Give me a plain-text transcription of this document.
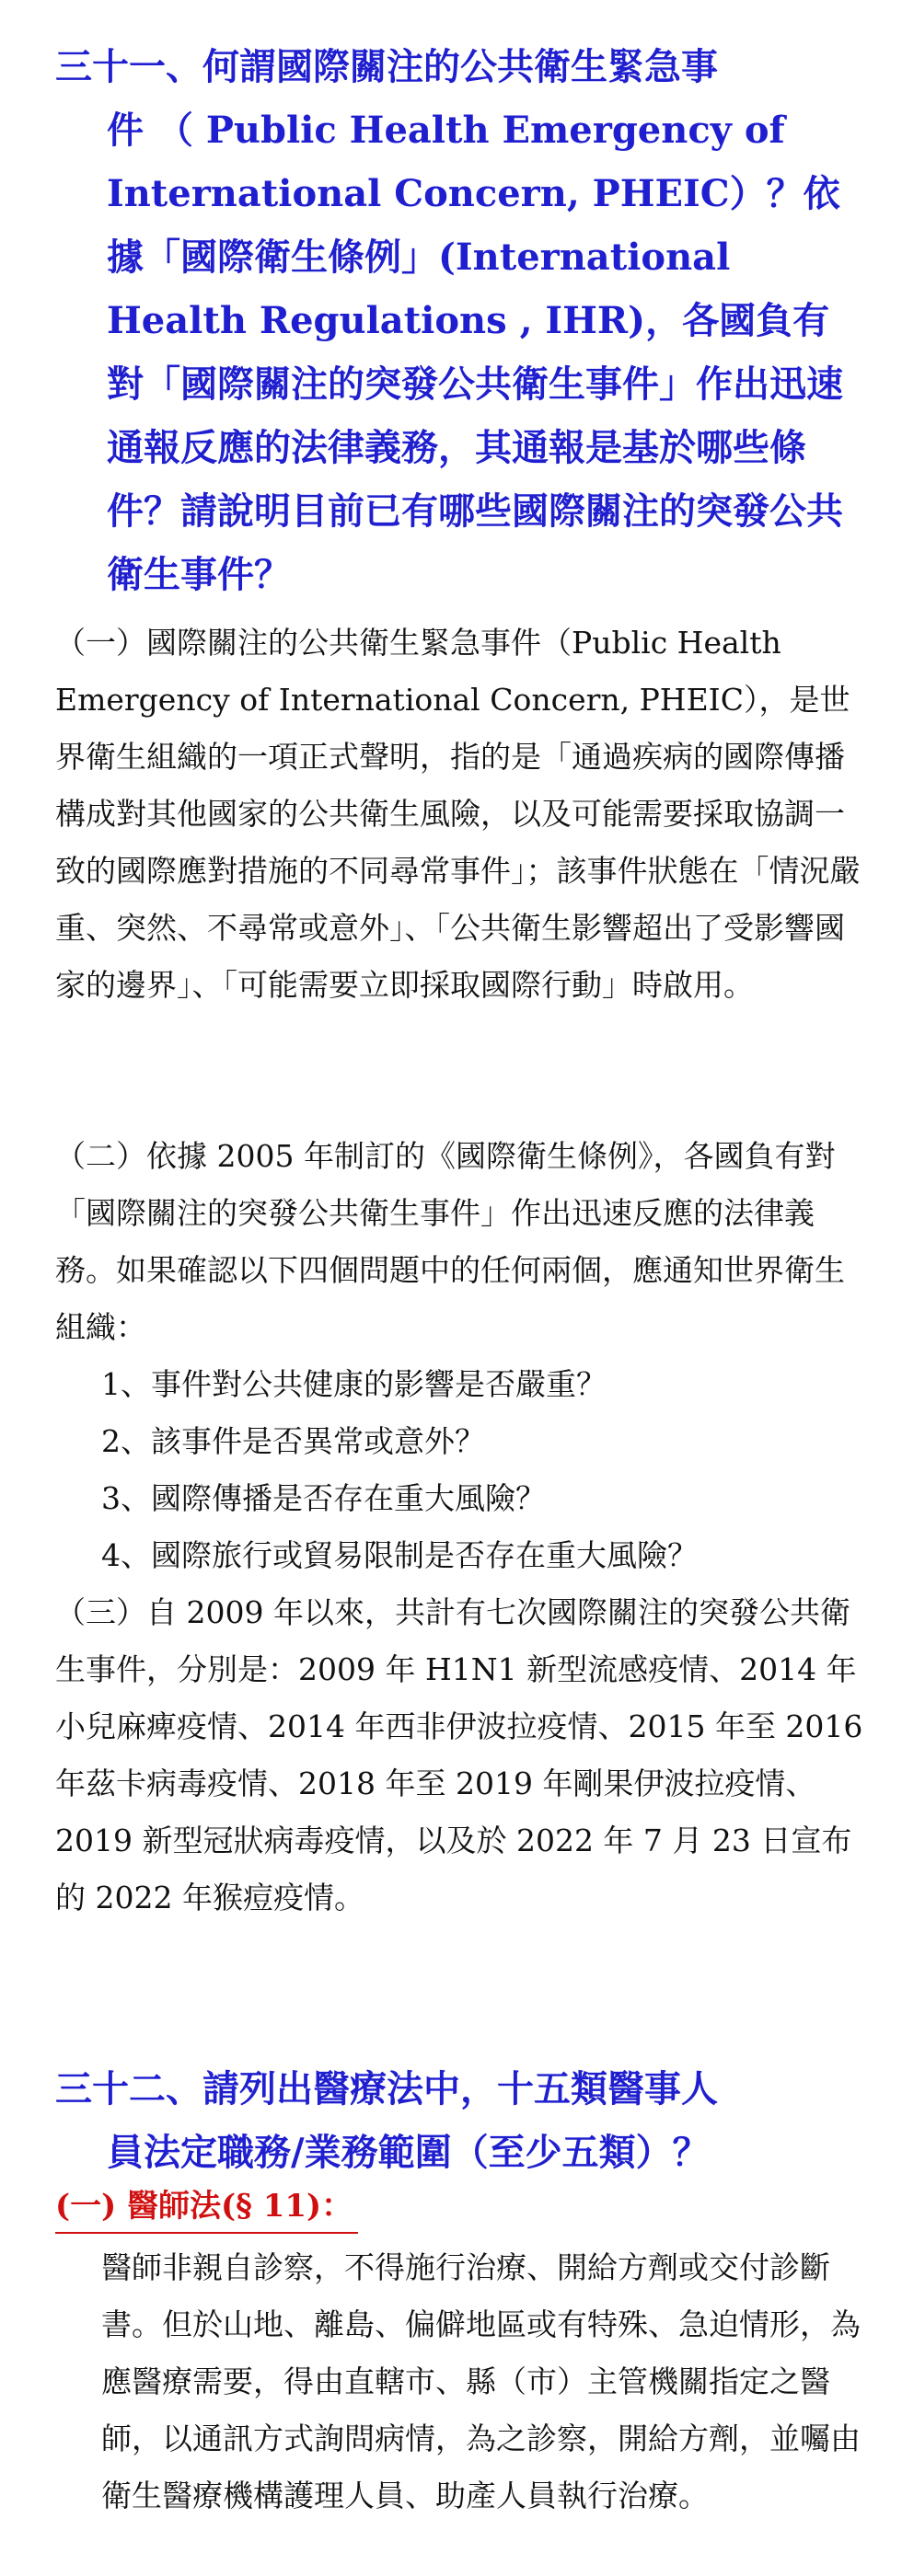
三十一、何謂國際關注的公共衛生緊急事
件 （ Public Health Emergency of International Concern, PHEIC）？依據「國際衛生條例」(International Health Regulations , IHR)，各國負有對「國際關注的突發公共衛生事件」作出迅速通報反應的法律義務，其通報是基於哪些條件？請說明目前已有哪些國際關注的突發公共衛生事件？
（一）國際關注的公共衛生緊急事件（Public Health Emergency of International Concern, PHEIC），是世界衛生組織的一項正式聲明，指的是「通過疾病的國際傳播構成對其他國家的公共衛生風險，以及可能需要採取協調一致的國際應對措施的不同尋常事件」；該事件狀態在「情況嚴重、突然、不尋常或意外」、「公共衛生影響超出了受影響國家的邊界」、「可能需要立即採取國際行動」時啟用。
（二）依據 2005 年制訂的《國際衛生條例》，各國負有對「國際關注的突發公共衛生事件」作出迅速反應的法律義務。如果確認以下四個問題中的任何兩個，應通知世界衛生組織：

1、事件對公共健康的影響是否嚴重？

2、該事件是否異常或意外？

3、國際傳播是否存在重大風險？

4、國際旅行或貿易限制是否存在重大風險？

（三）自 2009 年以來，共計有七次國際關注的突發公共衛生事件，分別是：2009 年 H1N1 新型流感疫情、2014 年小兒麻痺疫情、2014 年西非伊波拉疫情、2015 年至 2016 年茲卡病毒疫情、2018 年至 2019 年剛果伊波拉疫情、2019 新型冠狀病毒疫情，以及於 2022 年 7 月 23 日宣布的 2022 年猴痘疫情。
三十二、請列出醫療法中，十五類醫事人
員法定職務/業務範圍（至少五類）？

(一) 醫師法(§ 11)：

醫師非親自診察，不得施行治療、開給方劑或交付診斷書。但於山地、離島、偏僻地區或有特殊、急迫情形，為應醫療需要，得由直轄市、縣（市）主管機關指定之醫師，以通訊方式詢問病情，為之診察，開給方劑，並囑由衛生醫療機構護理人員、助產人員執行治療。
